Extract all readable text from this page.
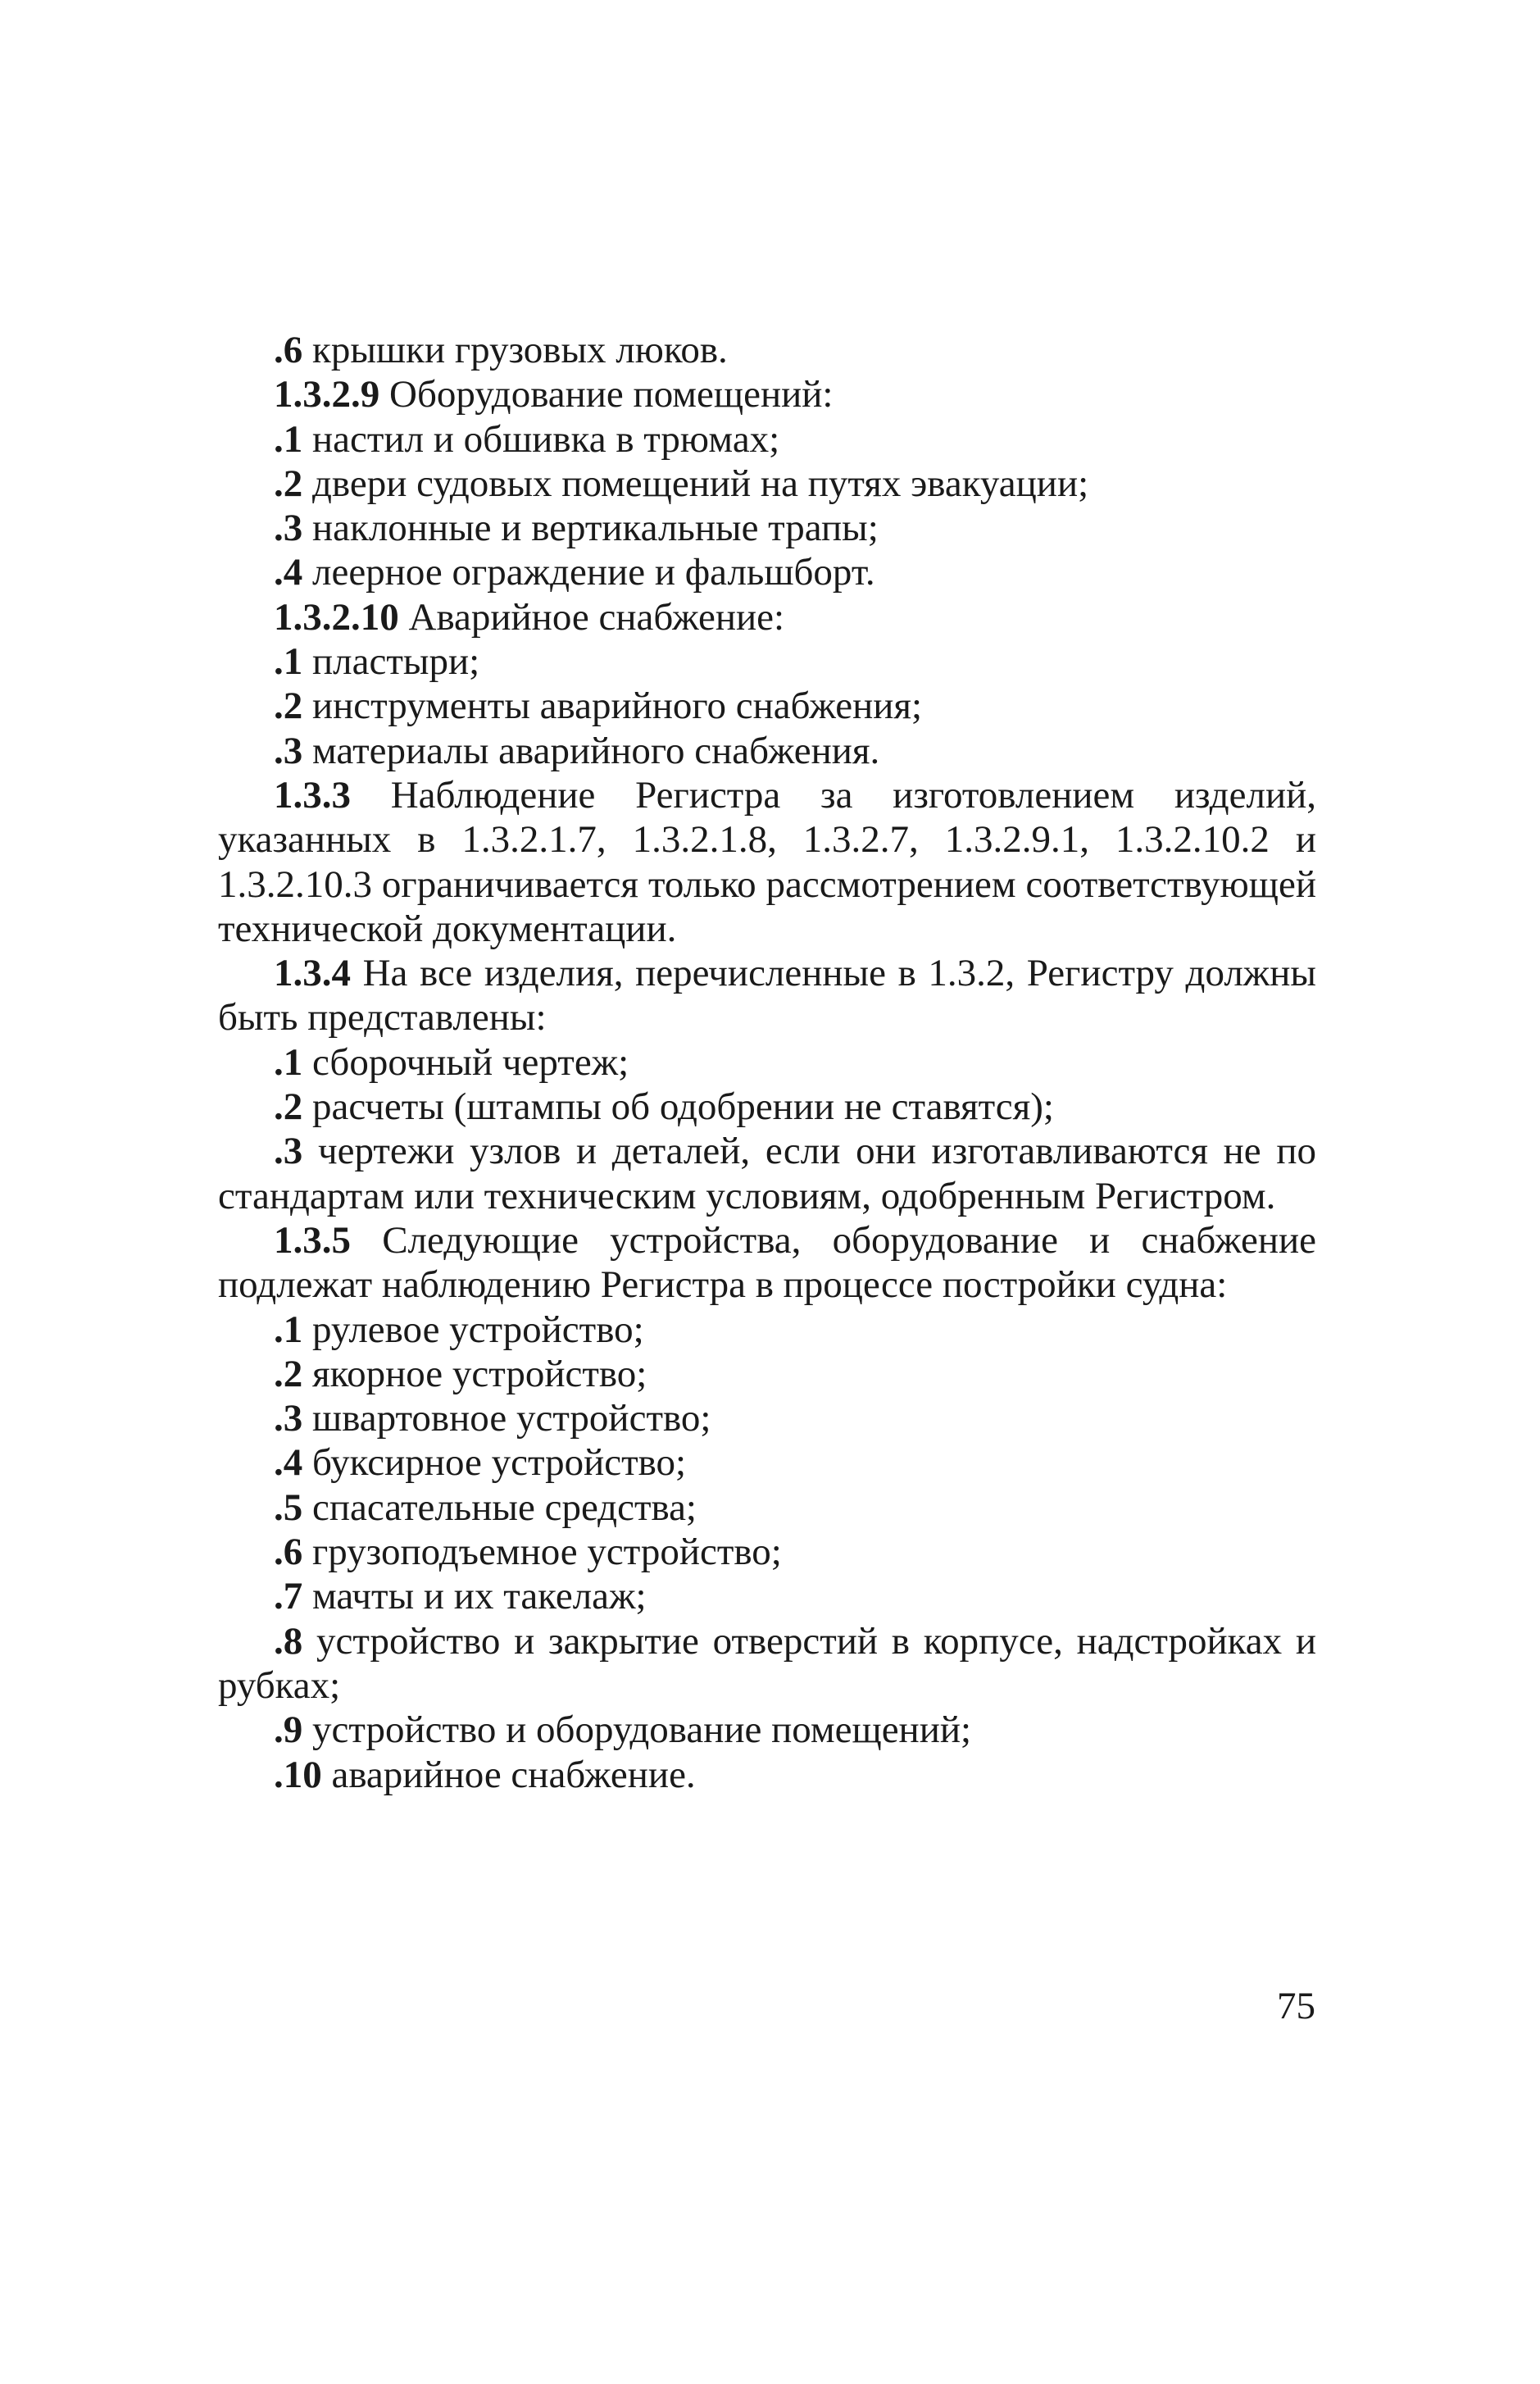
.6 крышки грузовых люков.

1.3.2.9 Оборудование помещений:

.1 настил и обшивка в трюмах;

.2 двери судовых помещений на путях эвакуации;

.3 наклонные и вертикальные трапы;

.4 леерное ограждение и фальшборт.

1.3.2.10 Аварийное снабжение:

.1 пластыри;

.2 инструменты аварийного снабжения;

.3 материалы аварийного снабжения.

1.3.3 Наблюдение Регистра за изготовлением изделий, указанных в 1.3.2.1.7, 1.3.2.1.8, 1.3.2.7, 1.3.2.9.1, 1.3.2.10.2 и 1.3.2.10.3 ограничивается только рассмотрением соответствующей технической документации.

1.3.4 На все изделия, перечисленные в 1.3.2, Регистру должны быть представлены:

.1 сборочный чертеж;

.2 расчеты (штампы об одобрении не ставятся);

.3 чертежи узлов и деталей, если они изготавливаются не по стандартам или техническим условиям, одобренным Регистром.

1.3.5 Следующие устройства, оборудование и снабжение подлежат наблюдению Регистра в процессе постройки судна:

.1 рулевое устройство;

.2 якорное устройство;

.3 швартовное устройство;

.4 буксирное устройство;

.5 спасательные средства;

.6 грузоподъемное устройство;

.7 мачты и их такелаж;

.8 устройство и закрытие отверстий в корпусе, надстройках и рубках;

.9 устройство и оборудование помещений;

.10 аварийное снабжение.

75
